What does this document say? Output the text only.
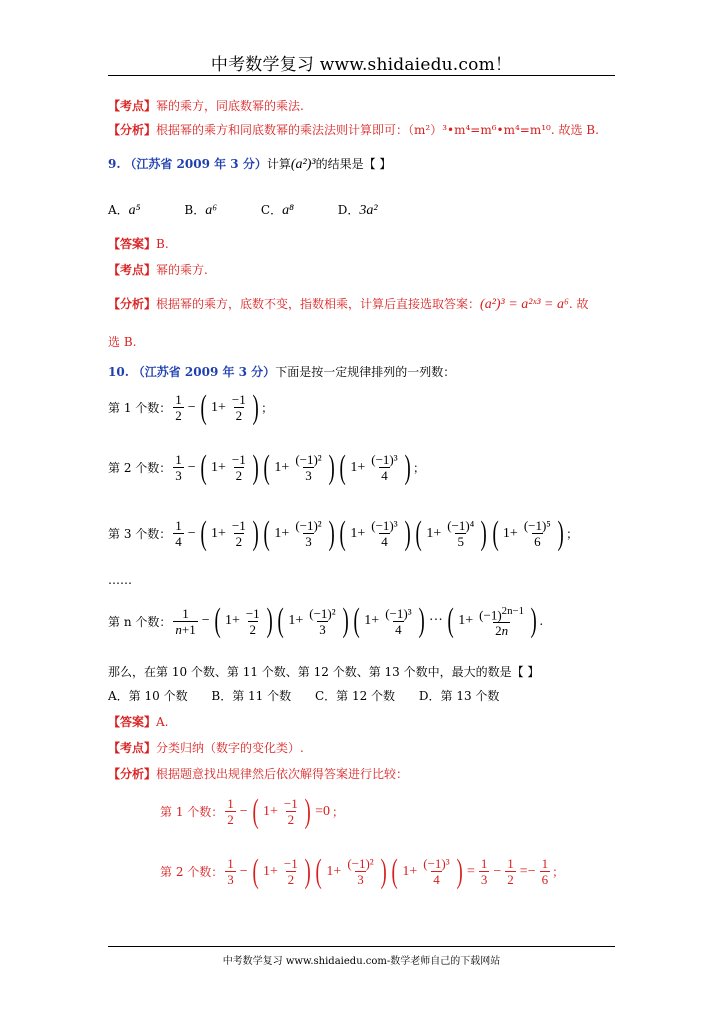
中考数学复习 www.shidaiedu.com！
【考点】幂的乘方，同底数幂的乘法.
【分析】根据幂的乘方和同底数幂的乘法法则计算即可：（m²）³•m⁴=m⁶•m⁴=m¹⁰. 故选 B.
9. （江苏省 2009 年 3 分）计算(a²)³的结果是【 】
A．a⁵	B．a⁶	C．a⁸	D．3a²
【答案】B.
【考点】幂的乘方.
【分析】根据幂的乘方，底数不变，指数相乘，计算后直接选取答案：(a²)³ = a²ˣ³ = a⁶. 故
选 B.
10. （江苏省 2009 年 3 分）下面是按一定规律排列的一列数：
第 1 个数： $\frac{1}{2}$ − ( $1+ \frac{-1}{2}$ ) ；
第 2 个数： $\frac{1}{3}$ − ( $1+ \frac{-1}{2}$ ) ( $1+ \frac{\text{(−1)²}}{3}$ ) ( $1+ \frac{\text{(−1)³}}{4}$ ) ；
第 3 个数： $\frac{1}{4}$ − ( $1+ \frac{-1}{2}$ ) ( $1+ \frac{\text{(−1)²}}{3}$ ) ( $1+ \frac{\text{(−1)³}}{4}$ ) ( $1+ \frac{\text{(−1)⁴}}{5}$ ) ( $1+ \frac{\text{(−1)⁵}}{6}$ ) ；
……
第 n 个数： $\frac{1}{n+1}$ − ( $1+ \frac{-1}{2}$ ) ( $1+ \frac{\text{(−1)²}}{3}$ ) ( $1+ \frac{\text{(−1)³}}{4}$ ) ··· ( $1+ \frac{(-1)^{2n-1}}{2n}$ ) .
那么，在第 10 个数、第 11 个数、第 12 个数、第 13 个数中，最大的数是【 】
A．第 10 个数 B．第 11 个数 C．第 12 个数 D．第 13 个数
【答案】A.
【考点】分类归纳（数字的变化类）.
【分析】根据题意找出规律然后依次解得答案进行比较：
第 1 个数： $\frac{1}{2}$ − ( $1+ \frac{-1}{2}$ ) =0 ；
第 2 个数： $\frac{1}{3}$ − ( $1+ \frac{-1}{2}$ ) ( $1+ \frac{\text{(−1)²}}{3}$ ) ( $1+ \frac{\text{(−1)³}}{4}$ ) = $\frac{1}{3} - \frac{1}{2} =- \frac{1}{6}$ ；
中考数学复习 www.shidaiedu.com-数学老师自己的下载网站
